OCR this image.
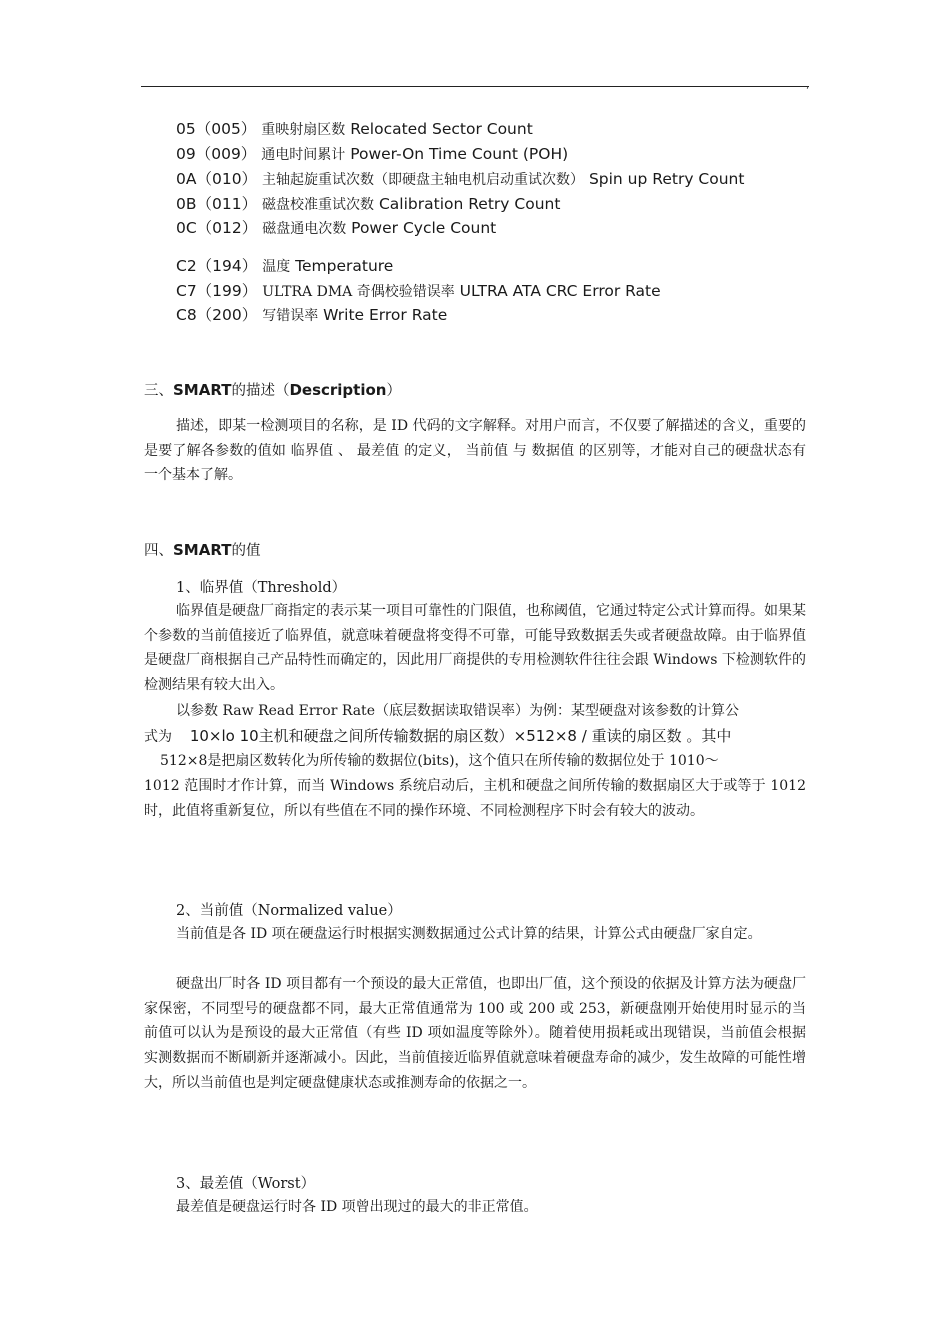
,
05（005） 重映射扇区数 Relocated Sector Count
09（009） 通电时间累计 Power-On Time Count (POH)
0A（010） 主轴起旋重试次数（即硬盘主轴电机启动重试次数） Spin up Retry Count
0B（011） 磁盘校准重试次数 Calibration Retry Count
0C（012） 磁盘通电次数 Power Cycle Count
C2（194） 温度 Temperature
C7（199） ULTRA DMA 奇偶校验错误率 ULTRA ATA CRC Error Rate
C8（200） 写错误率 Write Error Rate
三、SMART的描述（Description）
描述，即某一检测项目的名称，是 ID 代码的文字解释。对用户而言，不仅要了解描述的含义，重要的是要了解各参数的值如 临界值 、 最差值 的定义， 当前值 与 数据值 的区别等，才能对自己的硬盘状态有一个基本了解。
四、SMART的值
1、临界值（Threshold）
临界值是硬盘厂商指定的表示某一项目可靠性的门限值，也称阈值，它通过特定公式计算而得。如果某个参数的当前值接近了临界值，就意味着硬盘将变得不可靠，可能导致数据丢失或者硬盘故障。由于临界值是硬盘厂商根据自己产品特性而确定的，因此用厂商提供的专用检测软件往往会跟 Windows 下检测软件的检测结果有较大出入。
以参数 Raw Read Error Rate（底层数据读取错误率）为例：某型硬盘对该参数的计算公
式为 10×lo 10主机和硬盘之间所传输数据的扇区数）×512×8 / 重读的扇区数 。其中
512×8是把扇区数转化为所传输的数据位(bits)，这个值只在所传输的数据位处于 1010～
1012 范围时才作计算，而当 Windows 系统启动后，主机和硬盘之间所传输的数据扇区大于或等于 1012 时，此值将重新复位，所以有些值在不同的操作环境、不同检测程序下时会有较大的波动。
2、当前值（Normalized value）
当前值是各 ID 项在硬盘运行时根据实测数据通过公式计算的结果，计算公式由硬盘厂家自定。
硬盘出厂时各 ID 项目都有一个预设的最大正常值，也即出厂值，这个预设的依据及计算方法为硬盘厂家保密，不同型号的硬盘都不同，最大正常值通常为 100 或 200 或 253，新硬盘刚开始使用时显示的当前值可以认为是预设的最大正常值（有些 ID 项如温度等除外）。随着使用损耗或出现错误，当前值会根据实测数据而不断刷新并逐渐减小。因此，当前值接近临界值就意味着硬盘寿命的减少，发生故障的可能性增大，所以当前值也是判定硬盘健康状态或推测寿命的依据之一。
3、最差值（Worst）
最差值是硬盘运行时各 ID 项曾出现过的最大的非正常值。
